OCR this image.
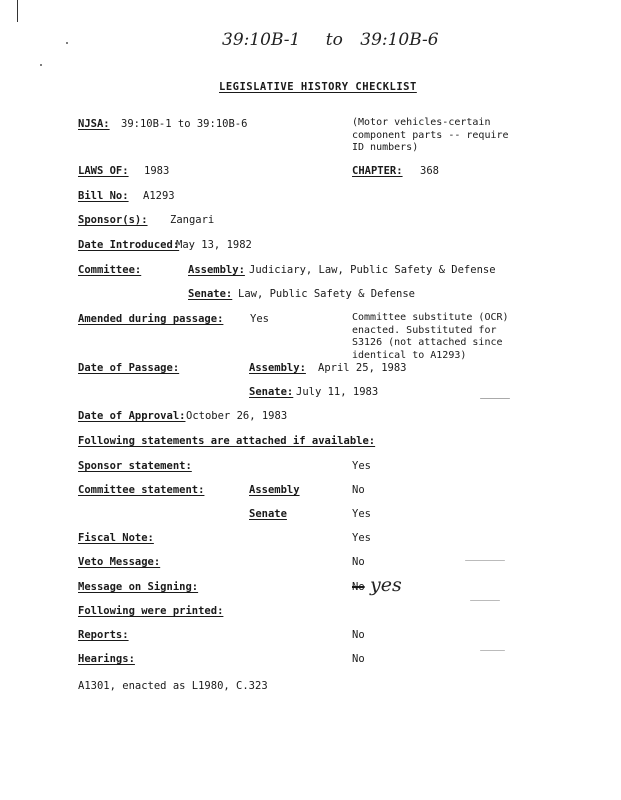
39:10B-1 to 39:10B-6
LEGISLATIVE HISTORY CHECKLIST
NJSA: 39:10B-1 to 39:10B-6	(Motor vehicles-certain component parts -- require ID numbers)
LAWS OF: 1983	CHAPTER: 368
Bill No: A1293
Sponsor(s): Zangari
Date Introduced:
May 13, 1982
Committee:	Assembly: Judiciary, Law, Public Safety & Defense
Senate: Law, Public Safety & Defense
Amended during passage:	Yes	Committee substitute (OCR) enacted. Substituted for S3126 (not attached since identical to A1293)
Date of Passage:	Assembly: April 25, 1983
Senate: July 11, 1983
Date of Approval: October 26, 1983
Following statements are attached if available:
Sponsor statement:	Yes
Committee statement:	Assembly	No
Senate	Yes
Fiscal Note:	Yes
Veto Message:	No
Message on Signing:	No yes
Following were printed:
Reports:	No
Hearings:	No
A1301, enacted as L1980, C.323
